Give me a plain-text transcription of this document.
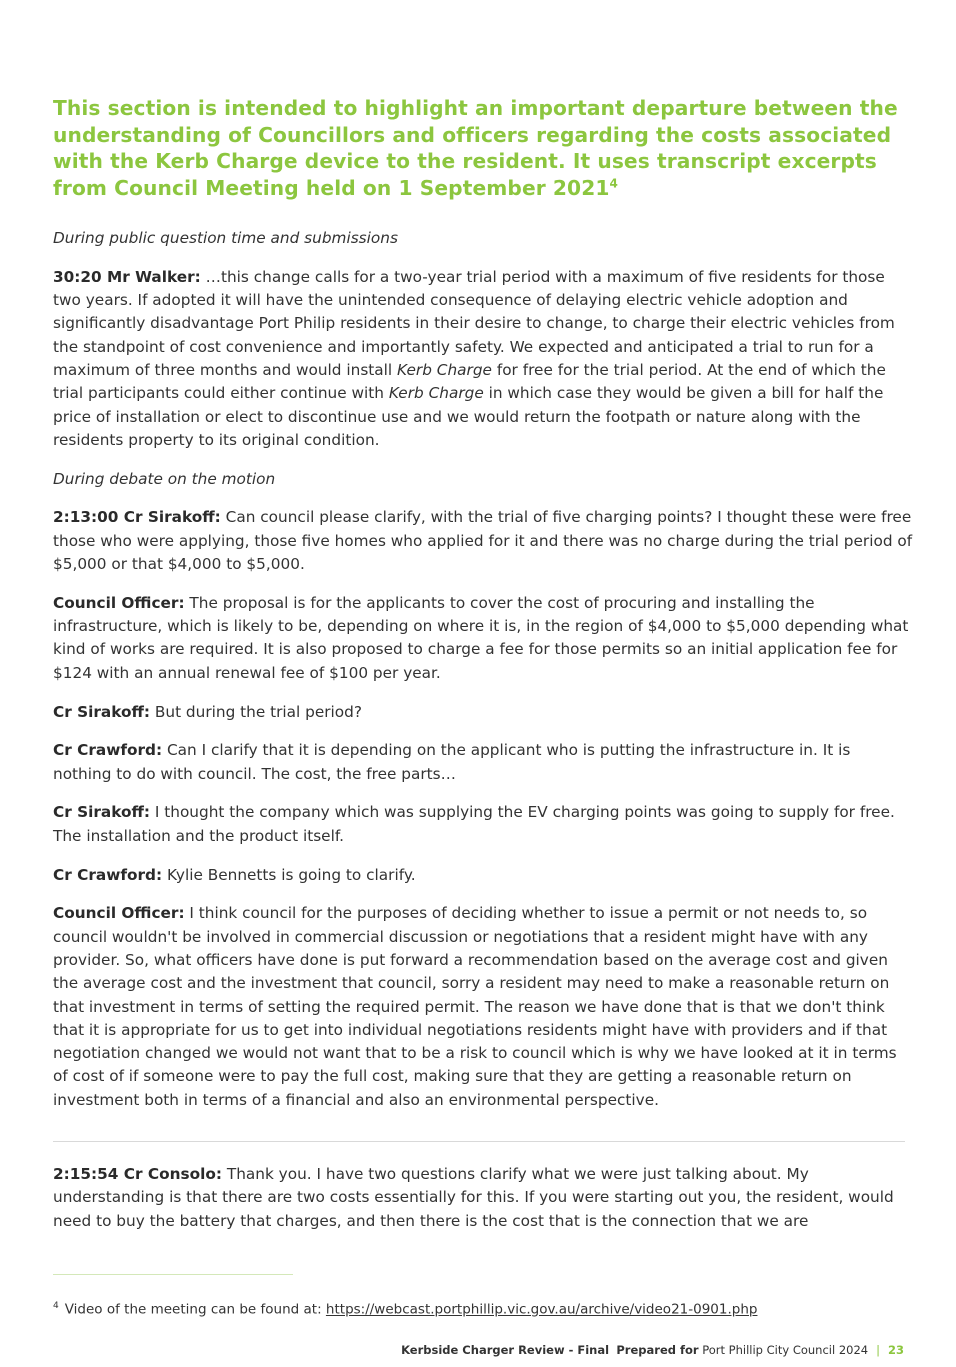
This section is intended to highlight an important departure between the understanding of Councillors and officers regarding the costs associated with the Kerb Charge device to the resident. It uses transcript excerpts from Council Meeting held on 1 September 2021$^4$

During public question time and submissions

30:20 Mr Walker: …this change calls for a two-year trial period with a maximum of five residents for those two years. If adopted it will have the unintended consequence of delaying electric vehicle adoption and significantly disadvantage Port Philip residents in their desire to change, to charge their electric vehicles from the standpoint of cost convenience and importantly safety. We expected and anticipated a trial to run for a maximum of three months and would install Kerb Charge for free for the trial period. At the end of which the trial participants could either continue with Kerb Charge in which case they would be given a bill for half the price of installation or elect to discontinue use and we would return the footpath or nature along with the residents property to its original condition.

During debate on the motion

2:13:00 Cr Sirakoff: Can council please clarify, with the trial of five charging points? I thought these were free those who were applying, those five homes who applied for it and there was no charge during the trial period of $5,000 or that $4,000 to $5,000.

Council Officer: The proposal is for the applicants to cover the cost of procuring and installing the infrastructure, which is likely to be, depending on where it is, in the region of $4,000 to $5,000 depending what kind of works are required. It is also proposed to charge a fee for those permits so an initial application fee for $124 with an annual renewal fee of $100 per year.

Cr Sirakoff: But during the trial period?

Cr Crawford: Can I clarify that it is depending on the applicant who is putting the infrastructure in. It is nothing to do with council. The cost, the free parts…

Cr Sirakoff: I thought the company which was supplying the EV charging points was going to supply for free. The installation and the product itself.

Cr Crawford: Kylie Bennetts is going to clarify.

Council Officer: I think council for the purposes of deciding whether to issue a permit or not needs to, so council wouldn't be involved in commercial discussion or negotiations that a resident might have with any provider. So, what officers have done is put forward a recommendation based on the average cost and given the average cost and the investment that council, sorry a resident may need to make a reasonable return on that investment in terms of setting the required permit. The reason we have done that is that we don't think that it is appropriate for us to get into individual negotiations residents might have with providers and if that negotiation changed we would not want that to be a risk to council which is why we have looked at it in terms of cost of if someone were to pay the full cost, making sure that they are getting a reasonable return on investment both in terms of a financial and also an environmental perspective.

2:15:54 Cr Consolo: Thank you. I have two questions clarify what we were just talking about. My understanding is that there are two costs essentially for this. If you were starting out you, the resident, would need to buy the battery that charges, and then there is the cost that is the connection that we are

$^4$ Video of the meeting can be found at: https://webcast.portphillip.vic.gov.au/archive/video21-0901.php
Kerbside Charger Review - Final Prepared for Port Phillip City Council 2024 | 23
